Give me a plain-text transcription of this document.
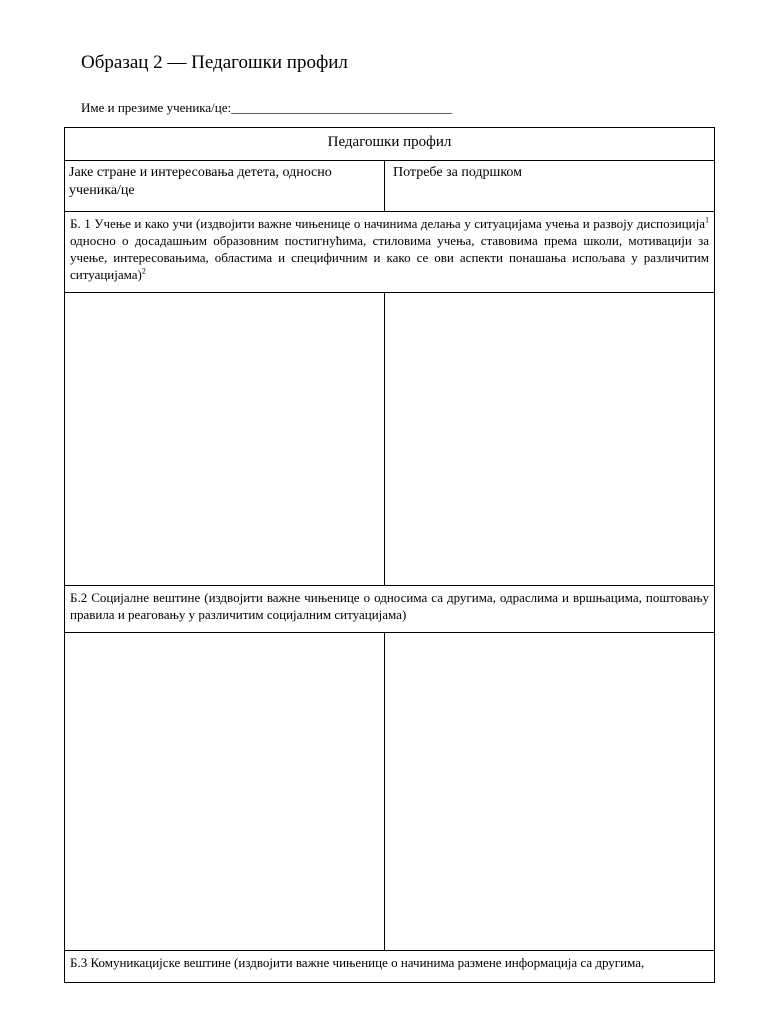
Образац 2 — Педагошки профил
Име и презиме ученика/це:__________________________________
Педагошки профил	
Јаке стране и интересовања детета, односно ученика/це	Потребе за подршком
Б. 1 Учење и како учи (издвојити важне чињенице о начинима делања у ситуацијама учења и развоју диспозиција$^1$ односно о досадашњим образовним постигнућима, стиловима учења, ставовима према школи, мотивацији за учење, интересовањима, областима и специфичним и како се ови аспекти понашања испољава у различитим ситуацијама)$^2$

Б.2 Социјалне вештине (издвојити важне чињенице о односима са другима, одраслима и вршњацима, поштовању правила и реаговању у различитим социјалним ситуацијама)	

Б.3 Комуникацијске вештине (издвојити важне чињенице о начинима размене информација са другима,	
